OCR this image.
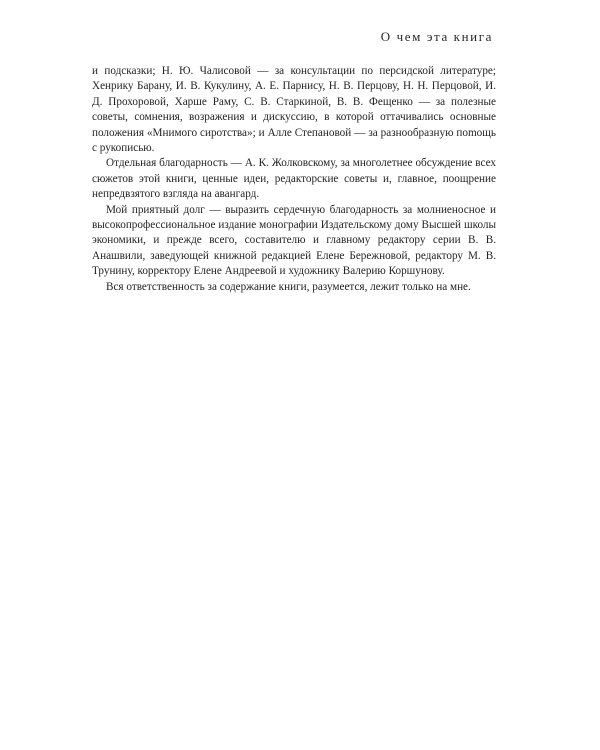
О чем эта книга

и подсказки; Н. Ю. Чалисовой — за консультации по персидской литературе; Хенрику Барану, И. В. Кукулину, А. Е. Парнису, Н. В. Перцову, Н. Н. Перцовой, И. Д. Прохоровой, Харше Раму, С. В. Старкиной, В. В. Фещенко — за полезные советы, сомнения, возражения и дискуссию, в которой оттачивались основные положения «Мнимого сиротства»; и Алле Степановой — за разнообразную поmощь с рукописью.

Отдельная благодарность — А. К. Жолковскому, за многолетнее обсуждение всех сюжетов этой книги, ценные идеи, редакторские советы и, главное, поощрение непредвзятого взгляда на авангард.

Мой приятный долг — выразить сердечную благодарность за молниеносное и высокопрофессиональное издание монографии Издательскому дому Высшей школы экономики, и прежде всего, составителю и главному редактору серии В. В. Анашвили, заведующей книжной редакцией Елене Бережновой, редактору М. В. Трунину, корректору Елене Андреевой и художнику Валерию Коршунову.

Вся ответственность за содержание книги, разумеется, лежит только на мне.
